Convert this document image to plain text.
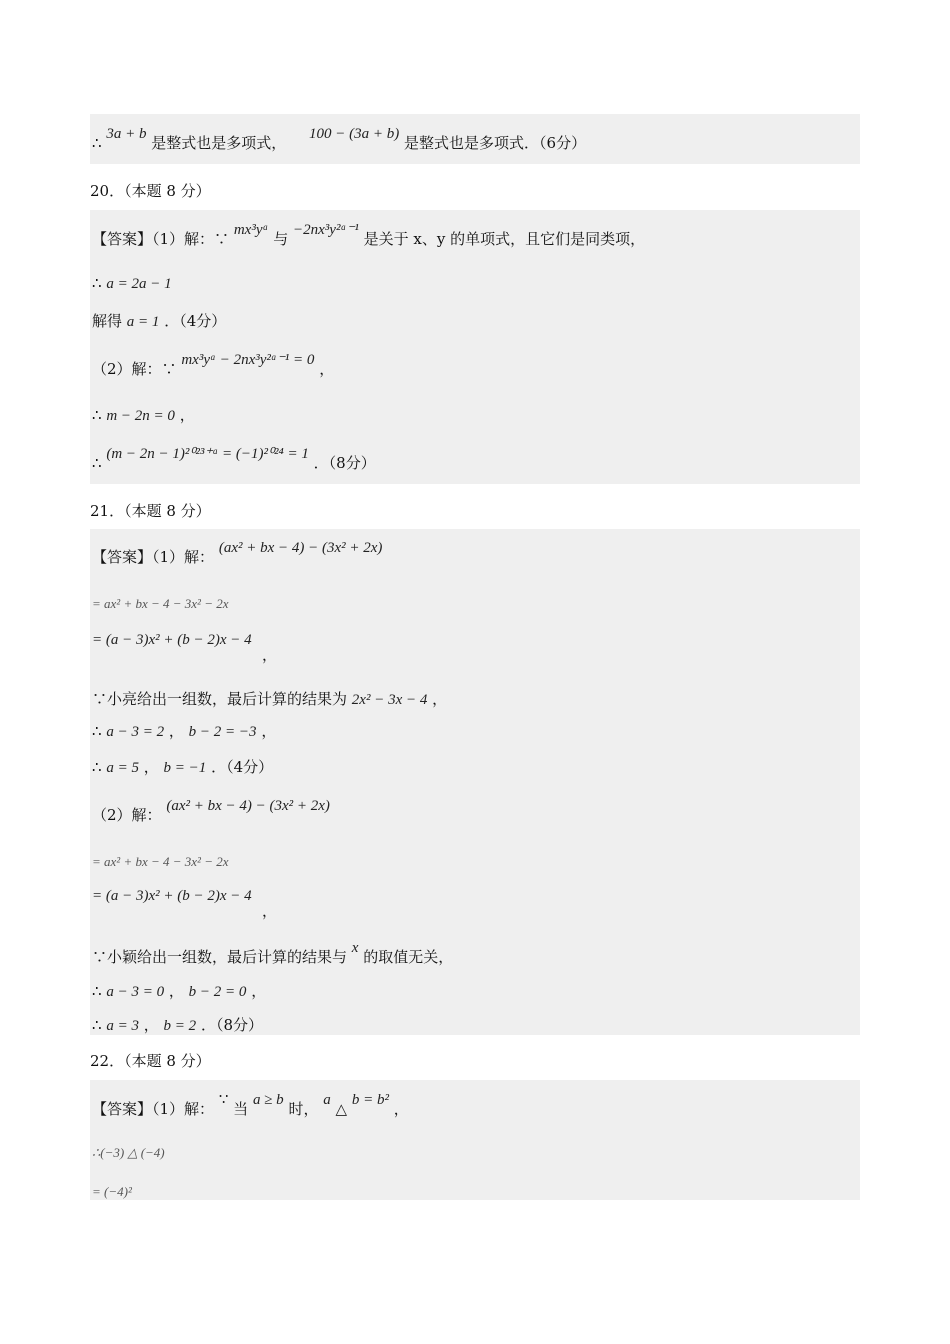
∴ 3a + b 是整式也是多项式， 100 − (3a + b) 是整式也是多项式．（6分）
20．（本题 8 分）
【答案】（1）解：∵ mx³yᵃ 与 −2nx³y²ᵃ⁻¹ 是关于 x、y 的单项式，且它们是同类项，
∴ a = 2a − 1
解得 a = 1 ．（4分）
（2）解：∵ mx³yᵃ − 2nx³y²ᵃ⁻¹ = 0 ，
∴ m − 2n = 0 ，
∴ (m − 2n − 1)²⁰²³⁺ᵃ = (−1)²⁰²⁴ = 1 ．（8分）
21．（本题 8 分）
【答案】（1）解： (ax² + bx − 4) − (3x² + 2x)
= ax² + bx − 4 − 3x² − 2x
= (a − 3)x² + (b − 2)x − 4
，
∵小亮给出一组数，最后计算的结果为 2x² − 3x − 4 ，
∴ a − 3 = 2 ， b − 2 = −3 ，
∴ a = 5 ， b = −1 ．（4分）
（2）解： (ax² + bx − 4) − (3x² + 2x)
= ax² + bx − 4 − 3x² − 2x
= (a − 3)x² + (b − 2)x − 4
，
∵小颖给出一组数，最后计算的结果与 x 的取值无关，
∴ a − 3 = 0 ， b − 2 = 0 ，
∴ a = 3 ， b = 2 ．（8分）
22．（本题 8 分）
【答案】（1）解： ∵ 当 a ≥ b 时， a △ b = b² ，
∴(−3) △ (−4)
= (−4)²
